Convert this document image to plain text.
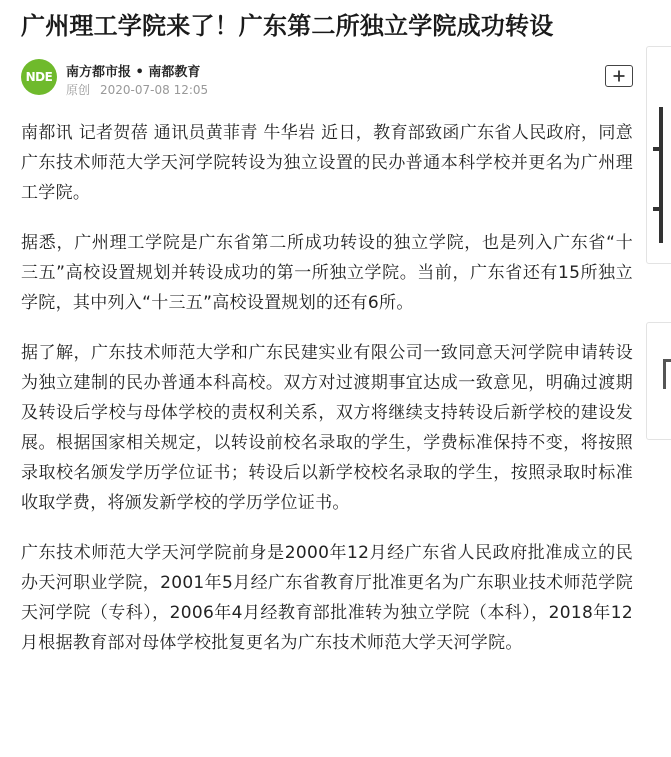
广州理工学院来了！广东第二所独立学院成功转设
NDE	南方都市报 • 南都教育
原创 2020-07-08 12:05

南都讯 记者贺蓓 通讯员黄菲青 牛华岩 近日，教育部致函广东省人民政府，同意广东技术师范大学天河学院转设为独立设置的民办普通本科学校并更名为广州理工学院。

据悉，广州理工学院是广东省第二所成功转设的独立学院，也是列入广东省“十三五”高校设置规划并转设成功的第一所独立学院。当前，广东省还有15所独立学院，其中列入“十三五”高校设置规划的还有6所。

据了解，广东技术师范大学和广东民建实业有限公司一致同意天河学院申请转设为独立建制的民办普通本科高校。双方对过渡期事宜达成一致意见，明确过渡期及转设后学校与母体学校的责权利关系，双方将继续支持转设后新学校的建设发展。根据国家相关规定，以转设前校名录取的学生，学费标准保持不变，将按照录取校名颁发学历学位证书；转设后以新学校校名录取的学生，按照录取时标准收取学费，将颁发新学校的学历学位证书。

广东技术师范大学天河学院前身是2000年12月经广东省人民政府批准成立的民办天河职业学院，2001年5月经广东省教育厅批准更名为广东职业技术师范学院天河学院（专科），2006年4月经教育部批准转为独立学院（本科），2018年12月根据教育部对母体学校批复更名为广东技术师范大学天河学院。
